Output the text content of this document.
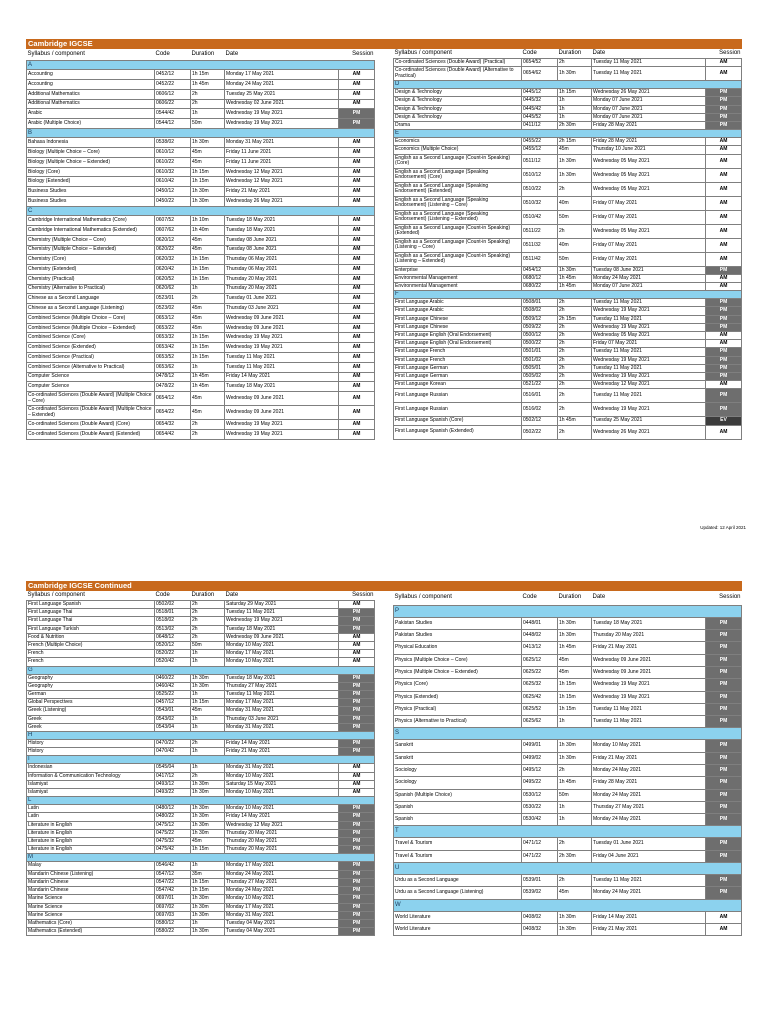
Cambridge IGCSE
Syllabus / component	Code	Duration	Date	Session
A				
Accounting	0452/12	1h 15m	Monday 17 May 2021	AM
Accounting	0452/22	1h 45m	Monday 24 May 2021	AM
Additional Mathematics	0606/12	2h	Tuesday 25 May 2021	AM
Additional Mathematics	0606/22	2h	Wednesday 02 June 2021	AM
Arabic	0544/42	1h	Wednesday 19 May 2021	PM
Arabic (Multiple Choice)	0544/12	50m	Wednesday 19 May 2021	PM
B				
Bahasa Indonesia	0538/02	1h 30m	Monday 31 May 2021	AM
Biology (Multiple Choice – Core)	0610/12	45m	Friday 11 June 2021	AM
Biology (Multiple Choice – Extended)	0610/22	45m	Friday 11 June 2021	AM
Biology (Core)	0610/32	1h 15m	Wednesday 12 May 2021	AM
Biology (Extended)	0610/42	1h 15m	Wednesday 12 May 2021	AM
Business Studies	0450/12	1h 30m	Friday 21 May 2021	AM
Business Studies	0450/22	1h 30m	Wednesday 26 May 2021	AM
C				
Cambridge International Mathematics (Core)	0607/52	1h 10m	Tuesday 18 May 2021	AM
Cambridge International Mathematics (Extended)	0607/62	1h 40m	Tuesday 18 May 2021	AM
Chemistry (Multiple Choice – Core)	0620/12	45m	Tuesday 08 June 2021	AM
Chemistry (Multiple Choice – Extended)	0620/22	45m	Tuesday 08 June 2021	AM
Chemistry (Core)	0620/32	1h 15m	Thursday 06 May 2021	AM
Chemistry (Extended)	0620/42	1h 15m	Thursday 06 May 2021	AM
Chemistry (Practical)	0620/52	1h 15m	Thursday 20 May 2021	AM
Chemistry (Alternative to Practical)	0620/62	1h	Thursday 20 May 2021	AM
Chinese as a Second Language	0523/01	2h	Tuesday 01 June 2021	AM
Chinese as a Second Language (Listening)	0523/02	45m	Thursday 03 June 2021	AM
Combined Science (Multiple Choice – Core)	0653/12	45m	Wednesday 09 June 2021	AM
Combined Science (Multiple Choice – Extended)	0653/22	45m	Wednesday 09 June 2021	AM
Combined Science (Core)	0653/32	1h 15m	Wednesday 19 May 2021	AM
Combined Science (Extended)	0653/42	1h 15m	Wednesday 19 May 2021	AM
Combined Science (Practical)	0653/52	1h 15m	Tuesday 11 May 2021	AM
Combined Science (Alternative to Practical)	0653/62	1h	Tuesday 11 May 2021	AM
Computer Science	0478/12	1h 45m	Friday 14 May 2021	AM
Computer Science	0478/22	1h 45m	Tuesday 18 May 2021	AM
Co-ordinated Sciences (Double Award) (Multiple Choice – Core)	0654/12	45m	Wednesday 09 June 2021	AM
Co-ordinated Sciences (Double Award) (Multiple Choice – Extended)	0654/22	45m	Wednesday 09 June 2021	AM
Co-ordinated Sciences (Double Award) (Core)	0654/32	2h	Wednesday 19 May 2021	AM
Co-ordinated Sciences (Double Award) (Extended)	0654/42	2h	Wednesday 19 May 2021	AM
Syllabus / component	Code	Duration	Date	Session
Co-ordinated Sciences (Double Award) (Practical)	0654/52	2h	Tuesday 11 May 2021	AM
Co-ordinated Sciences (Double Award) (Alternative to Practical)	0654/62	1h 30m	Tuesday 11 May 2021	AM
D				
Design & Technology	0445/12	1h 15m	Wednesday 26 May 2021	PM
Design & Technology	0445/32	1h	Monday 07 June 2021	PM
Design & Technology	0445/42	1h	Monday 07 June 2021	PM
Design & Technology	0445/52	1h	Monday 07 June 2021	PM
Drama	0411/12	2h 30m	Friday 28 May 2021	PM
E				
Economics	0455/22	2h 15m	Friday 28 May 2021	AM
Economics (Multiple Choice)	0455/12	45m	Thursday 10 June 2021	AM
English as a Second Language (Count-in Speaking) (Core)	0511/12	1h 30m	Wednesday 05 May 2021	AM
English as a Second Language (Speaking Endorsement) (Core)	0510/12	1h 30m	Wednesday 05 May 2021	AM
English as a Second Language (Speaking Endorsement) (Extended)	0510/22	2h	Wednesday 05 May 2021	AM
English as a Second Language (Speaking Endorsement) (Listening – Core)	0510/32	40m	Friday 07 May 2021	AM
English as a Second Language (Speaking Endorsement) (Listening – Extended)	0510/42	50m	Friday 07 May 2021	AM
English as a Second Language (Count-in Speaking) (Extended)	0511/22	2h	Wednesday 05 May 2021	AM
English as a Second Language (Count-in Speaking) (Listening – Core)	0511/32	40m	Friday 07 May 2021	AM
English as a Second Language (Count-in Speaking) (Listening – Extended)	0511/42	50m	Friday 07 May 2021	AM
Enterprise	0454/12	1h 30m	Tuesday 08 June 2021	PM
Environmental Management	0680/12	1h 45m	Monday 24 May 2021	AM
Environmental Management	0680/22	1h 45m	Monday 07 June 2021	AM
F				
First Language Arabic	0508/01	2h	Tuesday 11 May 2021	PM
First Language Arabic	0508/02	2h	Wednesday 19 May 2021	PM
First Language Chinese	0509/12	2h 15m	Tuesday 11 May 2021	PM
First Language Chinese	0509/22	2h	Wednesday 19 May 2021	PM
First Language English (Oral Endorsement)	0500/12	2h	Wednesday 05 May 2021	AM
First Language English (Oral Endorsement)	0500/22	2h	Friday 07 May 2021	AM
First Language French	0501/01	2h	Tuesday 11 May 2021	PM
First Language French	0501/02	2h	Wednesday 19 May 2021	PM
First Language German	0505/01	2h	Tuesday 11 May 2021	PM
First Language German	0505/02	2h	Wednesday 19 May 2021	PM
First Language Korean	0521/22	2h	Wednesday 12 May 2021	AM
First Language Russian	0516/01	2h	Tuesday 11 May 2021	PM
First Language Russian	0516/02	2h	Wednesday 19 May 2021	PM
First Language Spanish (Core)	0502/12	1h 45m	Tuesday 25 May 2021	EV
First Language Spanish (Extended)	0502/22	2h	Wednesday 26 May 2021	AM
Updated: 12 April 2021
Cambridge IGCSE Continued
Syllabus / component	Code	Duration	Date	Session
First Language Spanish	0502/02	2h	Saturday 29 May 2021	AM
First Language Thai	0518/01	2h	Tuesday 11 May 2021	PM
First Language Thai	0518/02	2h	Wednesday 19 May 2021	PM
First Language Turkish	0513/02	2h	Tuesday 18 May 2021	PM
Food & Nutrition	0648/12	2h	Wednesday 09 June 2021	AM
French (Multiple Choice)	0520/12	50m	Monday 10 May 2021	AM
French	0520/22	1h	Monday 17 May 2021	AM
French	0520/42	1h	Monday 10 May 2021	AM
G				
Geography	0460/22	1h 30m	Tuesday 18 May 2021	PM
Geography	0460/42	1h 30m	Thursday 27 May 2021	PM
German	0525/22	1h	Tuesday 11 May 2021	PM
Global Perspectives	0457/12	1h 15m	Monday 17 May 2021	PM
Greek (Listening)	0543/01	45m	Monday 31 May 2021	PM
Greek	0543/02	1h	Thursday 03 June 2021	PM
Greek	0543/04	1h	Monday 31 May 2021	PM
H				
History	0470/22	2h	Friday 14 May 2021	PM
History	0470/42	1h	Friday 21 May 2021	PM
I				
Indonesian	0545/04	1h	Monday 31 May 2021	AM
Information & Communication Technology	0417/12	2h	Monday 10 May 2021	AM
Islamiyat	0493/12	1h 30m	Saturday 15 May 2021	AM
Islamiyat	0493/22	1h 30m	Monday 10 May 2021	AM
L				
Latin	0480/12	1h 30m	Monday 10 May 2021	PM
Latin	0480/22	1h 30m	Friday 14 May 2021	PM
Literature in English	0475/12	1h 30m	Wednesday 12 May 2021	PM
Literature in English	0475/22	1h 30m	Thursday 20 May 2021	PM
Literature in English	0475/32	45m	Thursday 20 May 2021	PM
Literature in English	0475/42	1h 15m	Thursday 20 May 2021	PM
M				
Malay	0546/42	1h	Monday 17 May 2021	PM
Mandarin Chinese (Listening)	0547/12	35m	Monday 24 May 2021	PM
Mandarin Chinese	0547/22	1h 15m	Thursday 27 May 2021	PM
Mandarin Chinese	0547/42	1h 15m	Monday 24 May 2021	PM
Marine Science	0697/01	1h 30m	Monday 10 May 2021	PM
Marine Science	0697/02	1h 30m	Monday 17 May 2021	PM
Marine Science	0697/03	1h 30m	Monday 31 May 2021	PM
Mathematics (Core)	0580/12	1h	Tuesday 04 May 2021	PM
Mathematics (Extended)	0580/22	1h 30m	Tuesday 04 May 2021	PM
Syllabus / component	Code	Duration	Date	Session
P				
Pakistan Studies	0448/01	1h 30m	Tuesday 18 May 2021	PM
Pakistan Studies	0448/02	1h 30m	Thursday 20 May 2021	PM
Physical Education	0413/12	1h 45m	Friday 21 May 2021	PM
Physics (Multiple Choice – Core)	0625/12	45m	Wednesday 09 June 2021	PM
Physics (Multiple Choice – Extended)	0625/22	45m	Wednesday 09 June 2021	PM
Physics (Core)	0625/32	1h 15m	Wednesday 19 May 2021	PM
Physics (Extended)	0625/42	1h 15m	Wednesday 19 May 2021	PM
Physics (Practical)	0625/52	1h 15m	Tuesday 11 May 2021	PM
Physics (Alternative to Practical)	0625/62	1h	Tuesday 11 May 2021	PM
S				
Sanskrit	0499/01	1h 30m	Monday 10 May 2021	PM
Sanskrit	0499/02	1h 30m	Friday 21 May 2021	PM
Sociology	0495/12	2h	Monday 24 May 2021	PM
Sociology	0495/22	1h 45m	Friday 28 May 2021	PM
Spanish (Multiple Choice)	0530/12	50m	Monday 24 May 2021	PM
Spanish	0530/22	1h	Thursday 27 May 2021	PM
Spanish	0530/42	1h	Monday 24 May 2021	PM
T				
Travel & Tourism	0471/12	2h	Tuesday 01 June 2021	PM
Travel & Tourism	0471/22	2h 30m	Friday 04 June 2021	PM
U				
Urdu as a Second Language	0539/01	2h	Tuesday 11 May 2021	PM
Urdu as a Second Language (Listening)	0539/02	45m	Monday 24 May 2021	PM
W				
World Literature	0408/02	1h 30m	Friday 14 May 2021	AM
World Literature	0408/32	1h 30m	Friday 21 May 2021	AM
